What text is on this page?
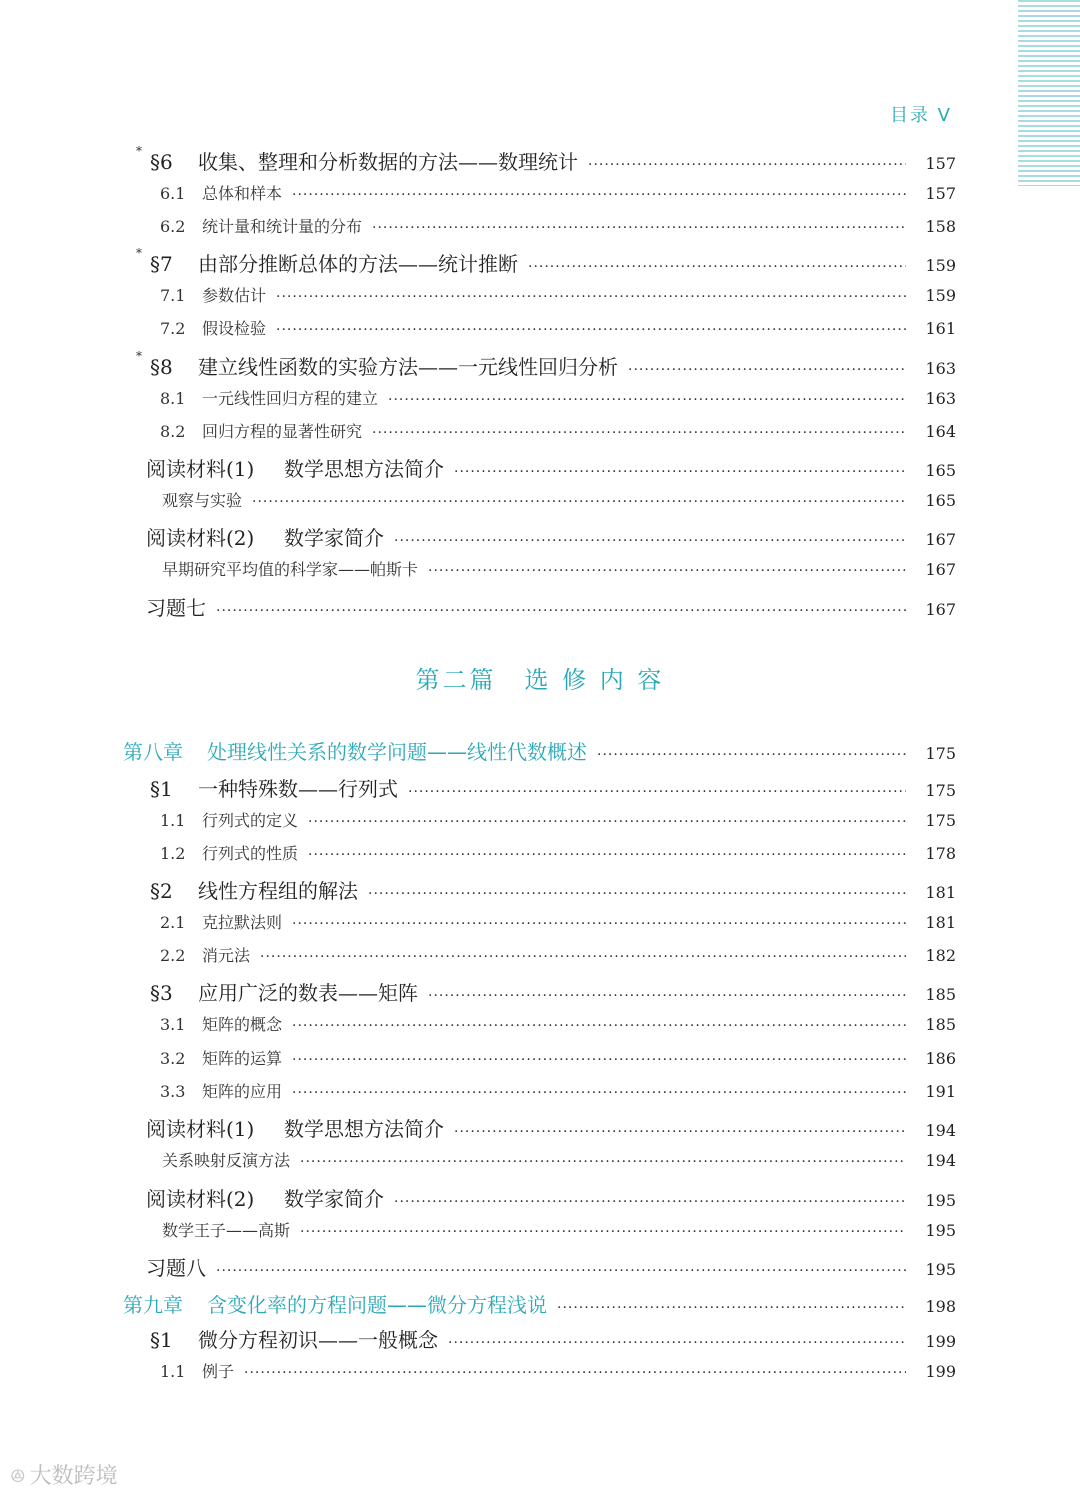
目录 V
* §6 收集、整理和分析数据的方法——数理统计 ·····	157
6.1 总体和样本 ·····	157
6.2 统计量和统计量的分布 ·····	158
* §7 由部分推断总体的方法——统计推断 ·····	159
7.1 参数估计 ·····	159
7.2 假设检验 ·····	161
* §8 建立线性函数的实验方法——一元线性回归分析 ·····	163
8.1 一元线性回归方程的建立 ·····	163
8.2 回归方程的显著性研究 ·····	164
阅读材料(1) 数学思想方法简介 ·····	165
观察与实验 ·····	165
阅读材料(2) 数学家简介 ·····	167
早期研究平均值的科学家——帕斯卡 ·····	167
习题七 ·····	167
第八章 处理线性关系的数学问题——线性代数概述 ·····	175
§1 一种特殊数——行列式 ·····	175
1.1 行列式的定义 ·····	175
1.2 行列式的性质 ·····	178
§2 线性方程组的解法 ·····	181
2.1 克拉默法则 ·····	181
2.2 消元法 ·····	182
§3 应用广泛的数表——矩阵 ·····	185
3.1 矩阵的概念 ·····	185
3.2 矩阵的运算 ·····	186
3.3 矩阵的应用 ·····	191
阅读材料(1) 数学思想方法简介 ·····	194
关系映射反演方法 ·····	194
阅读材料(2) 数学家简介 ·····	195
数学王子——高斯 ·····	195
习题八 ·····	195
第九章 含变化率的方程问题——微分方程浅说 ·····	198
§1 微分方程初识——一般概念 ·····	199
1.1 例子 ·····	199
第二篇 选 修 内 容
ꔮ 大数跨境
